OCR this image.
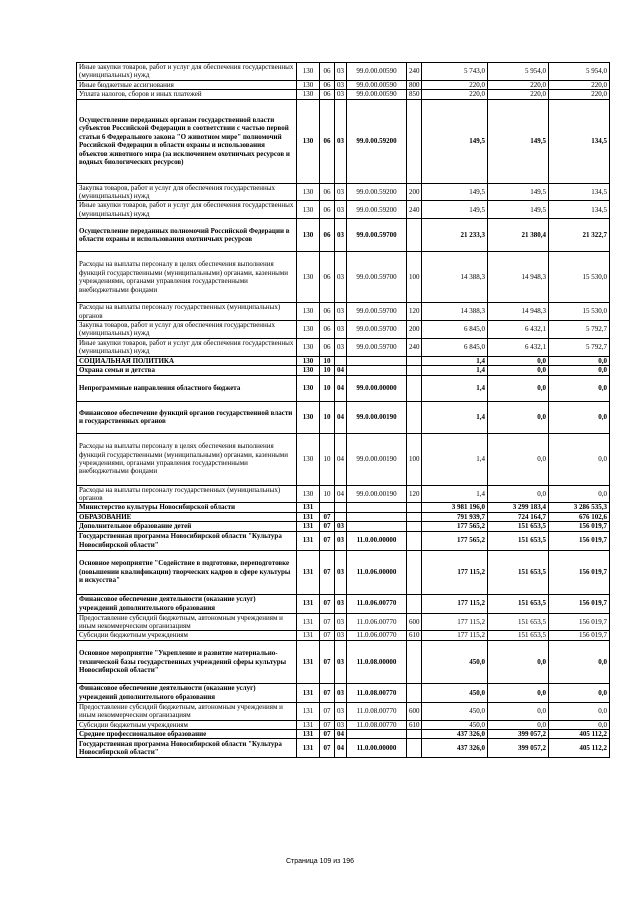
Иные закупки товаров, работ и услуг для обеспечения государственных (муниципальных) нужд	130	06	03	99.0.00.00590	240	5 743,0	5 954,0	5 954,0
Иные бюджетные ассигнования	130	06	03	99.0.00.00590	800	220,0	220,0	220,0
Уплата налогов, сборов и иных платежей	130	06	03	99.0.00.00590	850	220,0	220,0	220,0
Осуществление переданных органам государственной власти субъектов Российской Федерации в соответствии с частью первой статьи 6 Федерального закона "О животном мире" полномочий Российской Федерации в области охраны и использования объектов животного мира (за исключением охотничьих ресурсов и водных биологических ресурсов)	130	06	03	99.0.00.59200		149,5	149,5	134,5
Закупка товаров, работ и услуг для обеспечения государственных (муниципальных) нужд	130	06	03	99.0.00.59200	200	149,5	149,5	134,5
Иные закупки товаров, работ и услуг для обеспечения государственных (муниципальных) нужд	130	06	03	99.0.00.59200	240	149,5	149,5	134,5
Осуществление переданных полномочий Российской Федерации в области охраны и использования охотничьих ресурсов	130	06	03	99.0.00.59700		21 233,3	21 380,4	21 322,7
Расходы на выплаты персоналу в целях обеспечения выполнения функций государственными (муниципальными) органами, казенными учреждениями, органами управления государственными внебюджетными фондами	130	06	03	99.0.00.59700	100	14 388,3	14 948,3	15 530,0
Расходы на выплаты персоналу государственных (муниципальных) органов	130	06	03	99.0.00.59700	120	14 388,3	14 948,3	15 530,0
Закупка товаров, работ и услуг для обеспечения государственных (муниципальных) нужд	130	06	03	99.0.00.59700	200	6 845,0	6 432,1	5 792,7
Иные закупки товаров, работ и услуг для обеспечения государственных (муниципальных) нужд	130	06	03	99.0.00.59700	240	6 845,0	6 432,1	5 792,7
СОЦИАЛЬНАЯ ПОЛИТИКА	130	10				1,4	0,0	0,0
Охрана семьи и детства	130	10	04			1,4	0,0	0,0
Непрограммные направления областного бюджета	130	10	04	99.0.00.00000		1,4	0,0	0,0
Финансовое обеспечение функций органов государственной власти и государственных органов	130	10	04	99.0.00.00190		1,4	0,0	0,0
Расходы на выплаты персоналу в целях обеспечения выполнения функций государственными (муниципальными) органами, казенными учреждениями, органами управления государственными внебюджетными фондами	130	10	04	99.0.00.00190	100	1,4	0,0	0,0
Расходы на выплаты персоналу государственных (муниципальных) органов	130	10	04	99.0.00.00190	120	1,4	0,0	0,0
Министерство культуры Новосибирской области	131					3 981 196,0	3 299 183,4	3 286 535,3
ОБРАЗОВАНИЕ	131	07				791 939,7	724 164,7	676 102,6
Дополнительное образование детей	131	07	03			177 565,2	151 653,5	156 019,7
Государственная программа Новосибирской области "Культура Новосибирской области"	131	07	03	11.0.00.00000		177 565,2	151 653,5	156 019,7
Основное мероприятие "Содействие в подготовке, переподготовке (повышении квалификации) творческих кадров в сфере культуры и искусства"	131	07	03	11.0.06.00000		177 115,2	151 653,5	156 019,7
Финансовое обеспечение деятельности (оказание услуг) учреждений дополнительного образования	131	07	03	11.0.06.00770		177 115,2	151 653,5	156 019,7
Предоставление субсидий бюджетным, автономным учреждениям и иным некоммерческим организациям	131	07	03	11.0.06.00770	600	177 115,2	151 653,5	156 019,7
Субсидии бюджетным учреждениям	131	07	03	11.0.06.00770	610	177 115,2	151 653,5	156 019,7
Основное мероприятие "Укрепление и развитие материально-технической базы государственных учреждений сферы культуры Новосибирской области"	131	07	03	11.0.08.00000		450,0	0,0	0,0
Финансовое обеспечение деятельности (оказание услуг) учреждений дополнительного образования	131	07	03	11.0.08.00770		450,0	0,0	0,0
Предоставление субсидий бюджетным, автономным учреждениям и иным некоммерческим организациям	131	07	03	11.0.08.00770	600	450,0	0,0	0,0
Субсидии бюджетным учреждениям	131	07	03	11.0.08.00770	610	450,0	0,0	0,0
Среднее профессиональное образование	131	07	04			437 326,0	399 057,2	405 112,2
Государственная программа Новосибирской области "Культура Новосибирской области"	131	07	04	11.0.00.00000		437 326,0	399 057,2	405 112,2
Страница 109 из 196
